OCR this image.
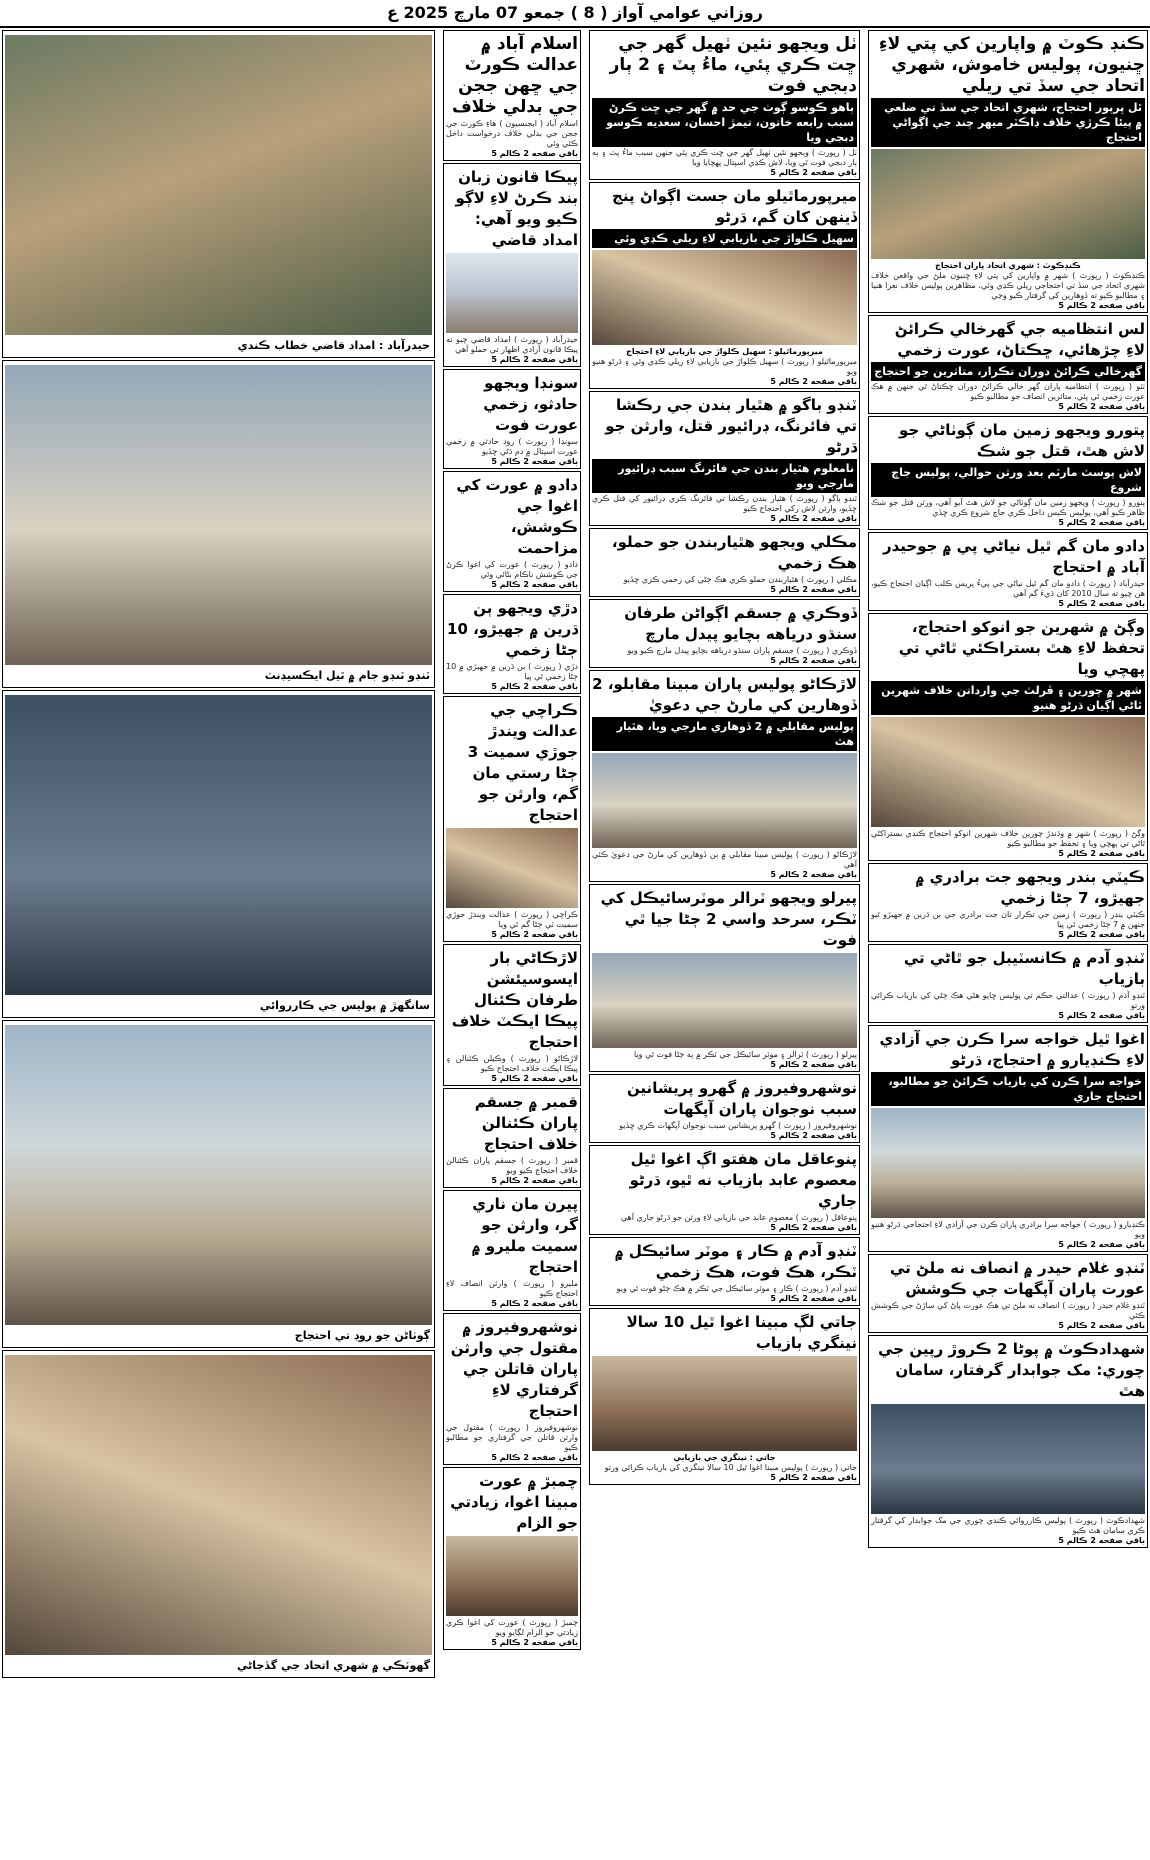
روزاني عوامي آواز ( 8 ) جمعو 07 مارچ 2025 ع
ڪنڊ ڪوٽ ۾ واپارين کي پتي لاءِ ڇنيون، پوليس خاموش، شهري اتحاد جي سڏ تي ريلي
ٿل ڀرپور احتجاج، شهري اتحاد جي سڏ تي ضلعي ۾ پيئا ڪرڙي خلاف ڊاڪٽر ميهر چند جي اڳواڻي احتجاج
ڪنڊڪوٽ : شهري اتحاد پاران احتجاج
ڪنڊڪوٽ ( رپورٽ ) شهر ۾ واپارين کي پتي لاءِ ڇنيون ملڻ جي واقعن خلاف شهري اتحاد جي سڏ تي احتجاجي ريلي ڪڍي وئي، مظاهرين پوليس خلاف نعرا هنيا ۽ مطالبو ڪيو ته ڏوهارين کي گرفتار ڪيو وڃي
باقي صفحه 2 ڪالم 5
لس انتظاميه جي گهرخالي ڪرائڻ لاءِ چڙهائي، ڇڪتاڻ، عورت زخمي
گهرخالي ڪرائڻ دوران تڪرار، متاثرين جو احتجاج
ٺٽو ( رپورٽ ) انتظاميه پاران گهر خالي ڪرائڻ دوران ڇڪتاڻ ٿي جنهن ۾ هڪ عورت زخمي ٿي پئي، متاثرين انصاف جو مطالبو ڪيو
باقي صفحه 2 ڪالم 5
پتورو ويجهو زمين مان ڳوٺاڻي جو لاش هٿ، قتل جو شڪ
لاش پوسٽ مارٽم بعد ورثن حوالي، پوليس جاچ شروع
پتورو ( رپورٽ ) ويجهو زمين مان ڳوٺاڻي جو لاش هٿ آيو آهي، ورثن قتل جو شڪ ظاهر ڪيو آهي، پوليس ڪيس داخل ڪري جاچ شروع ڪري ڇڏي
باقي صفحه 2 ڪالم 5
دادو مان گم ٿيل نياڻي پي ۾ جوحيدر آباد ۾ احتجاج
حيدرآباد ( رپورٽ ) دادو مان گم ٿيل نياڻي جي پيءُ پريس ڪلب اڳيان احتجاج ڪيو، هن چيو ته سال 2010 کان ڌيءَ گم آهي
باقي صفحه 2 ڪالم 5
وڳڻ ۾ شهرين جو انوکو احتجاج، تحفظ لاءِ هٿ بستراڪئي ٿاڻي تي پهچي ويا
شهر ۾ چورين ۽ ڦرلٽ جي وارداتن خلاف شهرين ٿاڻي اڳيان ڌرڻو هنيو
وڳڻ ( رپورٽ ) شهر ۾ وڌندڙ چورين خلاف شهرين انوکو احتجاج ڪندي بستراکڻي ٿاڻي تي پهچي ويا ۽ تحفظ جو مطالبو ڪيو
باقي صفحه 2 ڪالم 5
ڪيٽي بندر ويجهو جت برادري ۾ جهيڙو، 7 ڄڻا زخمي
ڪيٽي بندر ( رپورٽ ) زمين جي تڪرار تان جت برادري جي ٻن ڌرين ۾ جهيڙو ٿيو جنهن ۾ 7 ڄڻا زخمي ٿي پيا
باقي صفحه 2 ڪالم 5
ٽنڊو آدم ۾ ڪانسٽيبل جو ٿاڻي تي بازياب
ٽنڊو آدم ( رپورٽ ) عدالتي حڪم تي پوليس ڇاپو هڻي هڪ ڄڻي کي بازياب ڪرائي ورتو
باقي صفحه 2 ڪالم 5
اغوا ٿيل خواجه سرا ڪرن جي آزادي لاءِ ڪنڊيارو ۾ احتجاج، ڌرڻو
خواجه سرا ڪرن کي بازياب ڪرائڻ جو مطالبو، احتجاج جاري
ڪنڊيارو ( رپورٽ ) خواجه سرا برادري پاران ڪرن جي آزادي لاءِ احتجاجي ڌرڻو هنيو ويو
باقي صفحه 2 ڪالم 5
ٽنڊو غلام حيدر ۾ انصاف نه ملڻ تي عورت پاران آپگهات جي ڪوشش
ٽنڊو غلام حيدر ( رپورٽ ) انصاف نه ملڻ تي هڪ عورت پاڻ کي ساڙڻ جي ڪوشش ڪئي
باقي صفحه 2 ڪالم 5
شهدادڪوٽ ۾ پوڻا 2 ڪروڙ رپين جي چوري: مک جوابدار گرفتار، سامان هٿ
شهدادڪوٽ ( رپورٽ ) پوليس ڪارروائي ڪندي چوري جي مک جوابدار کي گرفتار ڪري سامان هٿ ڪيو
باقي صفحه 2 ڪالم 5
ٺل ويجهو نئين ٺهيل گهر جي ڇت ڪري پئي، ماءُ پٽ ۽ 2 ٻار دبجي فوت
ٻاهو ڪوسو ڳوٺ جي حد ۾ گهر جي ڇت ڪرڻ سبب رابعه خاتون، تيمڙ احسان، سعديه ڪوسو دبجي ويا
ٺل ( رپورٽ ) ويجهو نئين ٺهيل گهر جي ڇت ڪري پئي جنهن سبب ماءُ پٽ ۽ ٻه ٻار دبجي فوت ٿي ويا، لاش ڪڍي اسپتال پهچايا ويا
باقي صفحه 2 ڪالم 5
ميرپورماٿيلو مان جست اڳواڻ پنج ڏينهن کان گم، ڌرڻو
سهيل ڪلواڙ جي بازيابي لاءِ ريلي ڪڍي وئي
ميرپورماٿيلو : سهيل ڪلواڙ جي بازيابي لاءِ احتجاج
ميرپورماٿيلو ( رپورٽ ) سهيل ڪلواڙ جي بازيابي لاءِ ريلي ڪڍي وئي ۽ ڌرڻو هنيو ويو
باقي صفحه 2 ڪالم 5
ٽنڊو باگو ۾ هٿيار بندن جي رڪشا تي فائرنگ، ڊرائيور قتل، وارثن جو ڌرڻو
نامعلوم هٿيار بندن جي فائرنگ سبب ڊرائيور مارجي ويو
ٽنڊو باگو ( رپورٽ ) هٿيار بندن رڪشا تي فائرنگ ڪري ڊرائيور کي قتل ڪري ڇڏيو، وارثن لاش رکي احتجاج ڪيو
باقي صفحه 2 ڪالم 5
مڪلي ويجهو هٿياربندن جو حملو، هڪ زخمي
مڪلي ( رپورٽ ) هٿياربندن حملو ڪري هڪ ڄڻي کي زخمي ڪري ڇڏيو
باقي صفحه 2 ڪالم 5
ڏوڪري ۾ جسقم اڳواڻن طرفان سنڌو درياهه بچايو پيدل مارچ
ڏوڪري ( رپورٽ ) جسقم پاران سنڌو درياهه بچايو پيدل مارچ ڪيو ويو
باقي صفحه 2 ڪالم 5
لاڙڪاڻو پوليس پاران مبينا مقابلو، 2 ڏوهارين کي مارڻ جي دعويٰ
پوليس مقابلي ۾ 2 ڏوهاري مارجي ويا، هٿيار هٿ
لاڙڪاڻو ( رپورٽ ) پوليس مبينا مقابلي ۾ ٻن ڏوهارين کي مارڻ جي دعويٰ ڪئي آهي
باقي صفحه 2 ڪالم 5
پيرلو ويجهو ٽرالر موٽرسائيڪل کي ٽڪر، سرحد واسي 2 ڄڻا جيا ٿي فوت
پيرلو ( رپورٽ ) ٽرالر ۽ موٽر سائيڪل جي ٽڪر ۾ ٻه ڄڻا فوت ٿي ويا
باقي صفحه 2 ڪالم 5
نوشهروفيروز ۾ گهرو پريشانين سبب نوجوان پاران آپگهات
نوشهروفيروز ( رپورٽ ) گهرو پريشانين سبب نوجوان آپگهات ڪري ڇڏيو
باقي صفحه 2 ڪالم 5
پنوعاقل مان هفتو اڳ اغوا ٿيل معصوم عابد بازياب نه ٿيو، ڌرڻو جاري
پنوعاقل ( رپورٽ ) معصوم عابد جي بازيابي لاءِ ورثن جو ڌرڻو جاري آهي
باقي صفحه 2 ڪالم 5
ٽنڊو آدم ۾ ڪار ۽ موٽر سائيڪل ۾ ٽڪر، هڪ فوت، هڪ زخمي
ٽنڊو آدم ( رپورٽ ) ڪار ۽ موٽر سائيڪل جي ٽڪر ۾ هڪ ڄڻو فوت ٿي ويو
باقي صفحه 2 ڪالم 5
جاتي لڳ مبينا اغوا ٿيل 10 سالا نينگري بازياب
جاتي : نينگري جي بازيابي
جاتي ( رپورٽ ) پوليس مبينا اغوا ٿيل 10 سالا نينگري کي بازياب ڪرائي ورتو
باقي صفحه 2 ڪالم 5
اسلام آباد ۾ عدالت ڪورٽ جي ڇهن ججن جي بدلي خلاف
اسلام آباد ( ايجنسيون ) هاءِ ڪورٽ جي ججن جي بدلي خلاف درخواست داخل ڪئي وئي
باقي صفحه 2 ڪالم 5
پيڪا قانون زبان بند ڪرڻ لاءِ لاڳو ڪيو ويو آهي: امداد قاضي
حيدرآباد ( رپورٽ ) امداد قاضي چيو ته پيڪا قانون آزادي اظهار تي حملو آهي
باقي صفحه 2 ڪالم 5
سونڊا ويجهو حادثو، زخمي عورت فوت
سونڊا ( رپورٽ ) روڊ حادثي ۾ زخمي عورت اسپتال ۾ دم ڌڻي ڇڏيو
باقي صفحه 2 ڪالم 5
دادو ۾ عورت کي اغوا جي ڪوشش، مزاحمت
دادو ( رپورٽ ) عورت کي اغوا ڪرڻ جي ڪوشش ناڪام بڻائي وئي
باقي صفحه 2 ڪالم 5
دڙي ويجهو ٻن ڌرين ۾ جهيڙو، 10 ڄڻا زخمي
دڙي ( رپورٽ ) ٻن ڌرين ۾ جهيڙي ۾ 10 ڄڻا زخمي ٿي پيا
باقي صفحه 2 ڪالم 5
ڪراچي جي عدالت ويندڙ جوڙي سميت 3 ڄڻا رستي مان گم، وارثن جو احتجاج
ڪراچي ( رپورٽ ) عدالت ويندڙ جوڙي سميت ٽي ڄڻا گم ٿي ويا
باقي صفحه 2 ڪالم 5
لاڙڪاڻي بار ايسوسيئشن طرفان ڪئنال پيڪا ايڪٽ خلاف احتجاج
لاڙڪاڻو ( رپورٽ ) وڪيلن ڪئنالن ۽ پيڪا ايڪٽ خلاف احتجاج ڪيو
باقي صفحه 2 ڪالم 5
قمبر ۾ جسقم پاران ڪئنالن خلاف احتجاج
قمبر ( رپورٽ ) جسقم پاران ڪئنالن خلاف احتجاج ڪيو ويو
باقي صفحه 2 ڪالم 5
پيرن مان ناري گر، وارثن جو سميت مليرو ۾ احتجاج
مليرو ( رپورٽ ) وارثن انصاف لاءِ احتجاج ڪيو
باقي صفحه 2 ڪالم 5
نوشهروفيروز ۾ مقتول جي وارثن پاران قاتلن جي گرفتاري لاءِ احتجاج
نوشهروفيروز ( رپورٽ ) مقتول جي وارثن قاتلن جي گرفتاري جو مطالبو ڪيو
باقي صفحه 2 ڪالم 5
چمبڙ ۾ عورت مبينا اغوا، زيادتي جو الزام
چمبڙ ( رپورٽ ) عورت کي اغوا ڪري زيادتي جو الزام لڳايو ويو
باقي صفحه 2 ڪالم 5
حيدرآباد : امداد قاضي خطاب ڪندي
ٽنڊو ٽنڊو جام ۾ ٿيل ايڪسيڊنٽ
سانگهڙ ۾ پوليس جي ڪارروائي
ڳوٺاڻن جو روڊ تي احتجاج
گهوٽڪي ۾ شهري اتحاد جي گڏجاڻي
